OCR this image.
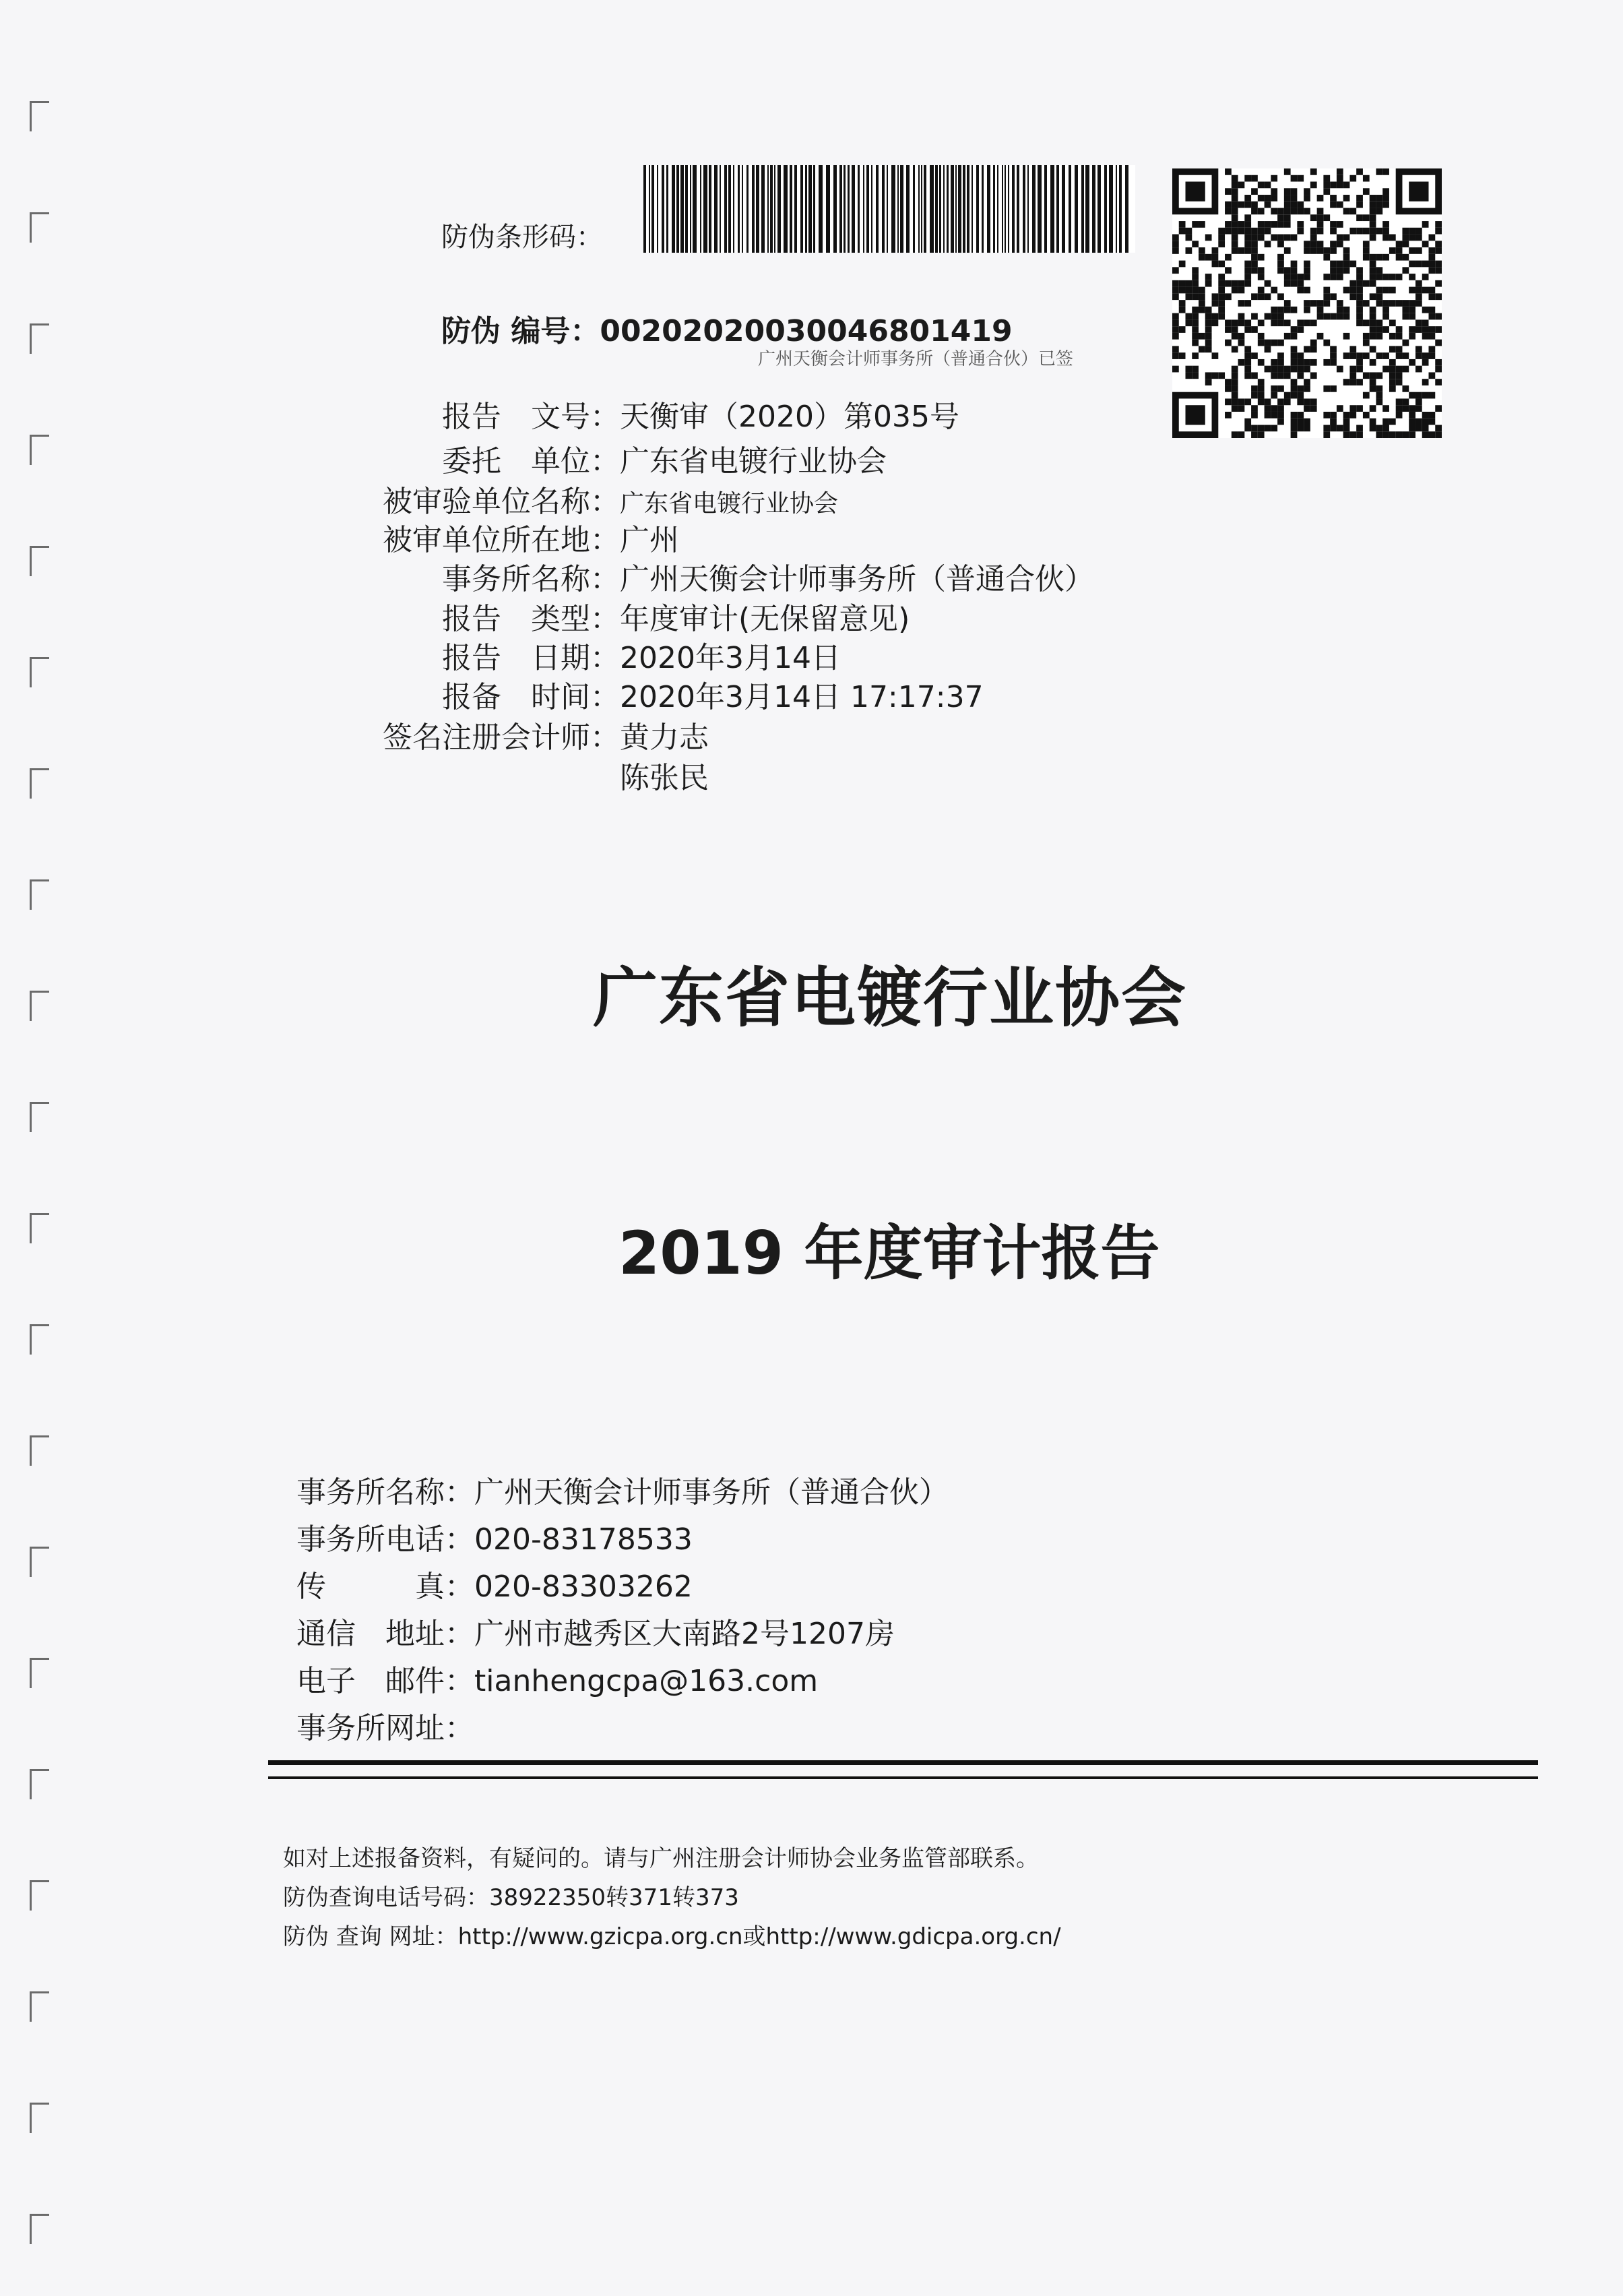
防伪条形码：
防伪 编号：00202020030046801419
广州天衡会计师事务所（普通合伙）已签
报告　文号：天衡审（2020）第035号
委托　单位：广东省电镀行业协会
被审验单位名称：广东省电镀行业协会
被审单位所在地：广州
事务所名称：广州天衡会计师事务所（普通合伙）
报告　类型：年度审计(无保留意见)
报告　日期：2020年3月14日
报备　时间：2020年3月14日 17:17:37
签名注册会计师：黄力志
陈张民
广东省电镀行业协会
2019 年度审计报告
事务所名称：广州天衡会计师事务所（普通合伙）
事务所电话：020-83178533
传　　　真：020-83303262
通信　地址：广州市越秀区大南路2号1207房
电子　邮件：tianhengcpa@163.com
事务所网址：
如对上述报备资料，有疑问的。请与广州注册会计师协会业务监管部联系。
防伪查询电话号码：38922350转371转373
防伪 查询 网址：http://www.gzicpa.org.cn或http://www.gdicpa.org.cn/
